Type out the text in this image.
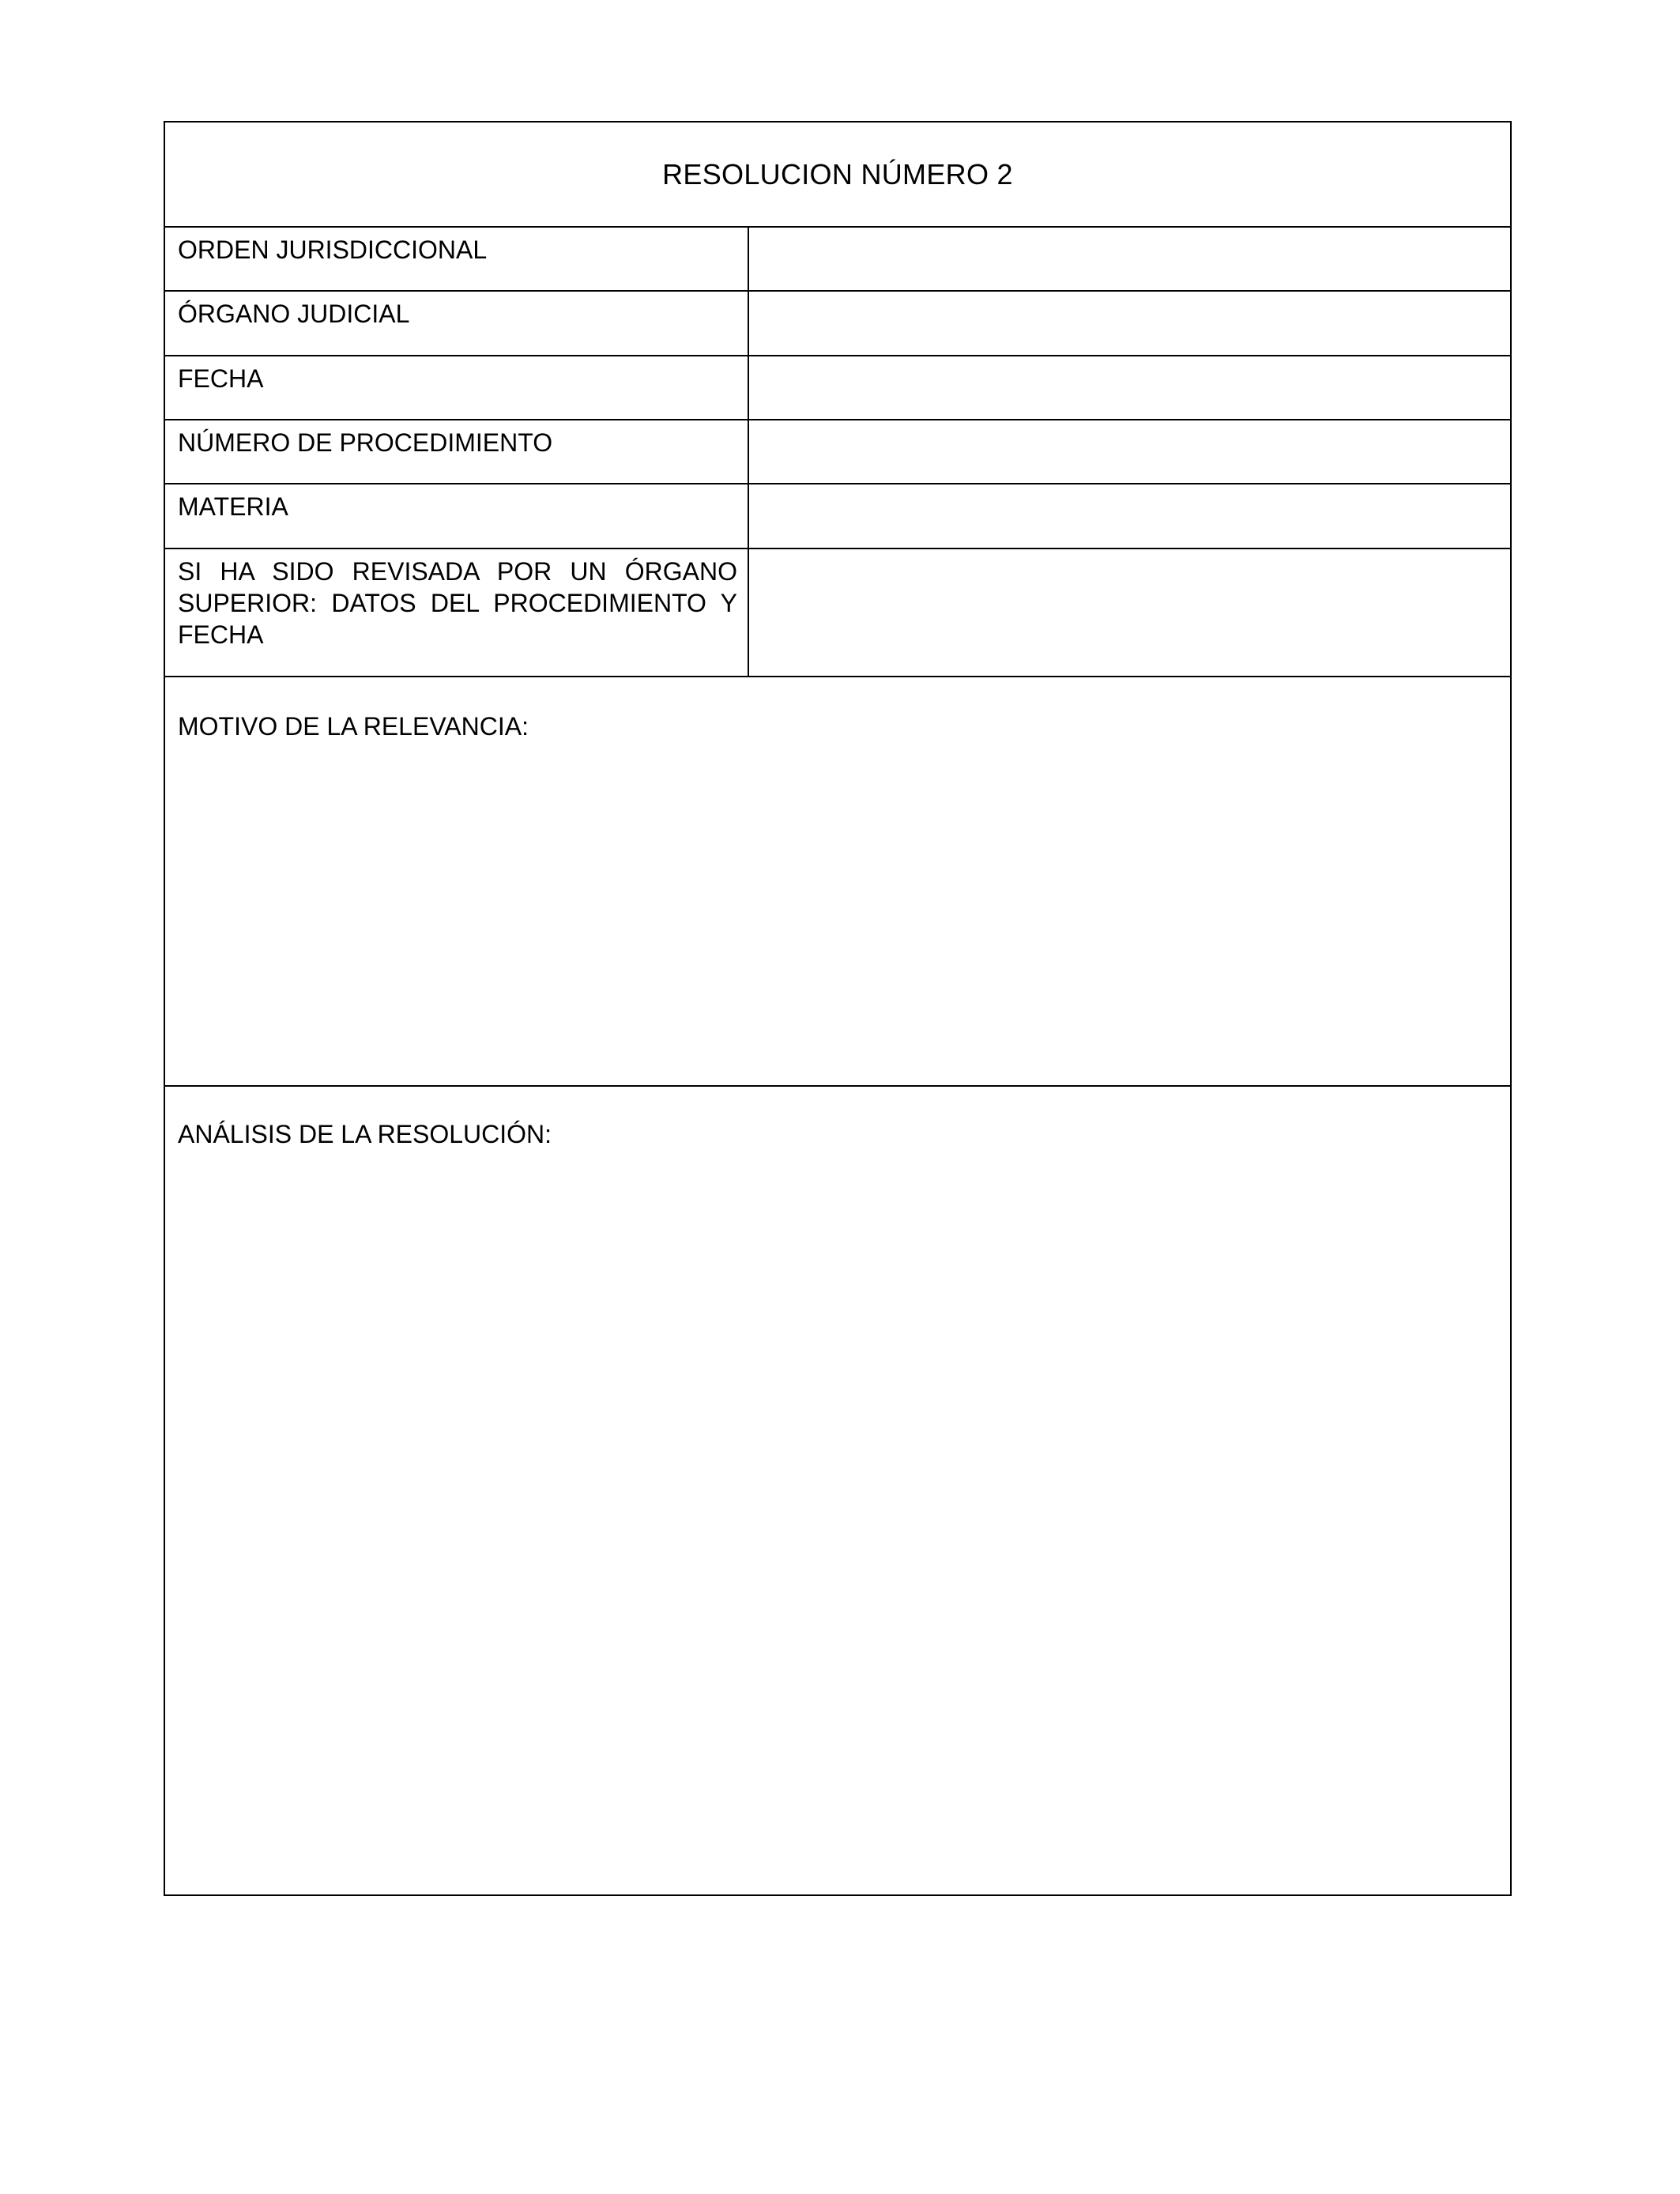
RESOLUCION NÚMERO 2
ORDEN JURISDICCIONAL
ÓRGANO JUDICIAL
FECHA
NÚMERO DE PROCEDIMIENTO
MATERIA
SI HA SIDO REVISADA POR UN ÓRGANO SUPERIOR: DATOS DEL PROCEDIMIENTO Y FECHA
MOTIVO DE LA RELEVANCIA:
ANÁLISIS DE LA RESOLUCIÓN:
